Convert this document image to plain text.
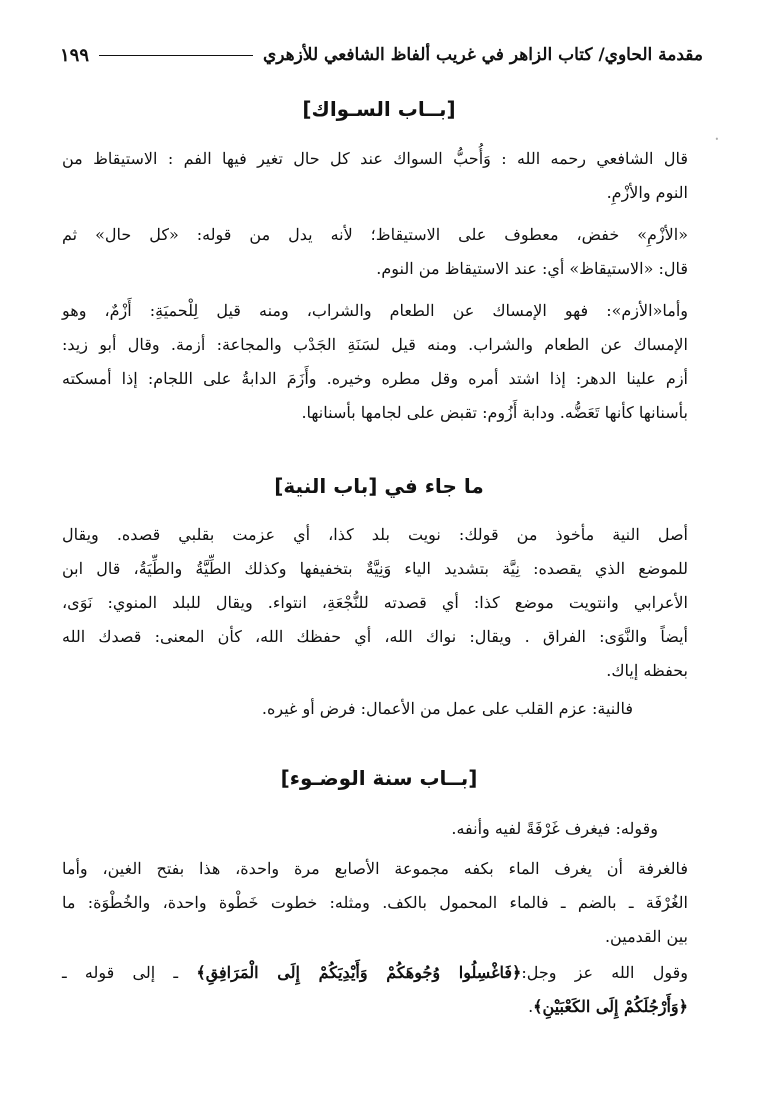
مقدمة الحاوي/ كتاب الزاهر في غريب ألفاظ الشافعي للأزهري
١٩٩
[بــاب السـواك]

قال الشافعي رحمه الله : وَأُحبُّ السواك عند كل حال تغير فيها الفم : الاستيقاظ من
النوم والأزْمِ.

«الأزْمِ» خفض، معطوف على الاستيقاظ؛ لأنه يدل من قوله: «كل حال» ثم
قال: «الاستيقاظ» أي: عند الاستيقاظ من النوم.

وأما«الأزم»: فهو الإمساك عن الطعام والشراب، ومنه قيل لِلْحميَةِ: أَزْمٌ، وهو
الإمساك عن الطعام والشراب. ومنه قيل لسَنَةِ الجَدْب والمجاعة: أزمة. وقال أبو زيد:
أزم علينا الدهر: إذا اشتد أمره وقل مطره وخيره. وأَزَمَ الدابةُ على اللجام: إذا أمسكته
بأسنانها كأنها تَعَضُّه. ودابة أَزُوم: تقبض على لجامها بأسنانها.

ما جاء في [باب النية]

أصل النية مأخوذ من قولك: نويت بلد كذا، أي عزمت بقلبي قصده. ويقال
للموضع الذي يقصده: نِيَّة بتشديد الياء وَنِيَّةٌ بتخفيفها وكذلك الطِّيَّةُ والطِّيَةُ، قال ابن
الأعرابي وانتويت موضع كذا: أي قصدته للنُّجْعَةِ، انتواء. ويقال للبلد المنوي: نَوَى،
أيضاً والنَّوَى: الفراق . ويقال: نواك الله، أي حفظك الله، كأن المعنى: قصدك الله
بحفظه إياك.

فالنية: عزم القلب على عمل من الأعمال: فرض أو غيره.

[بــاب سنة الوضـوء]

وقوله: فيغرف غَرْفَةً لفيه وأنفه.

فالغرفة أن يغرف الماء بكفه مجموعة الأصابع مرة واحدة، هذا بفتح الغين، وأما
الغُرْفَة ـ بالضم ـ فالماء المحمول بالكف. ومثله: خطوت خَطْوة واحدة، والخُطْوَة: ما
بين القدمين.

وقول الله عز وجل:﴿فَاغْسِلُوا وُجُوهَكُمْ وَأَيْدِيَكُمْ إِلَى الْمَرَافِقِ﴾ ـ إلى قوله ـ
﴿وَأَرْجُلَكُمْ إِلَى الكَعْبَيْنِ﴾.

ꞏ
